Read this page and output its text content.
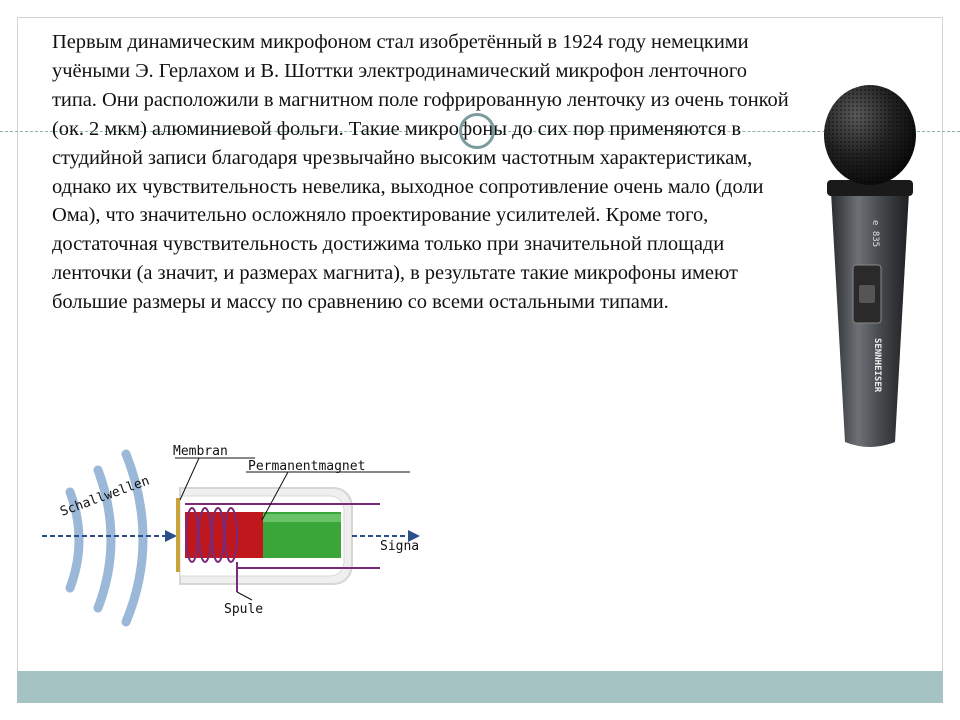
Первым динамическим микрофоном стал изобретённый в 1924 году немецкими учёными Э. Герлахом и В. Шоттки электродинамический микрофон ленточного типа. Они расположили в магнитном поле гофрированную ленточку из очень тонкой (ок. 2 мкм) алюминиевой фольги. Такие микрофоны до сих пор применяются в студийной записи благодаря чрезвычайно высоким частотным характеристикам, однако их чувствительность невелика, выходное сопротивление очень мало (доли Ома), что значительно осложняло проектирование усилителей. Кроме того, достаточная чувствительность достижима только при значительной площади ленточки (а значит, и размерах магнита), в результате такие микрофоны имеют большие размеры и массу по сравнению со всеми остальными типами.

e 835
SENNHEISER
Schallwellen
Membran
Permanentmagnet
Signa
Spule
